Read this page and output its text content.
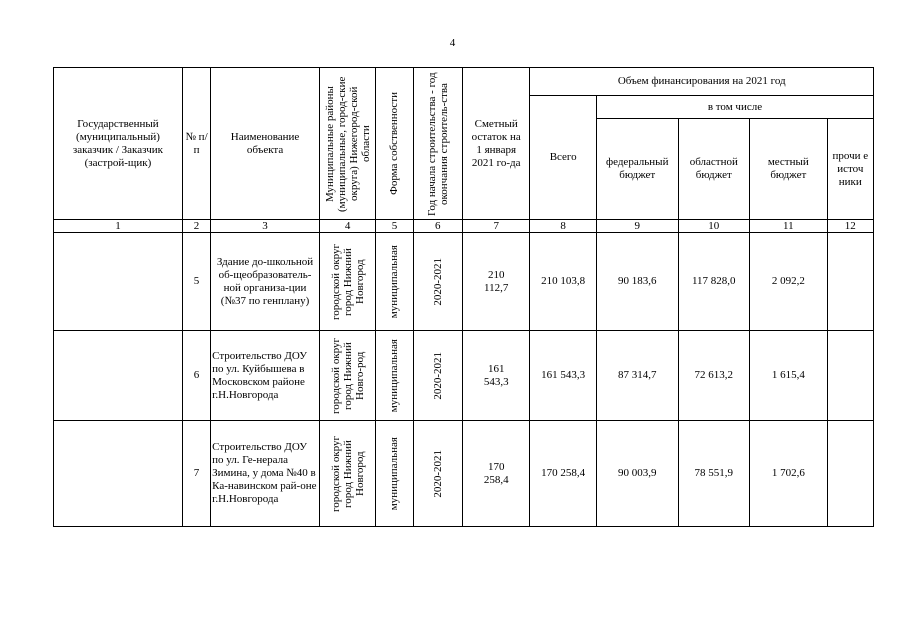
4
Государственный (муниципальный) заказчик / Заказчик (застрой-щик)	№ п/п	Наименование объекта	Муниципальные районы (муниципальные, город-ские округа) Нижегород-ской области	Форма собственности	Год начала строительства - год окончания строитель-ства	Сметный остаток на 1 января 2021 го-да	Объем финансирования на 2021 год				
							Всего	в том числе			
								федеральный бюджет	областной бюджет	местный бюджет	прочи е источ ники
1	2	3	4	5	6	7	8	9	10	11	12
	5	Здание до-школьной об-щеобразователь-ной организа-ции (№37 по генплану)	городской округ город Нижний Новгород	муниципальная	2020-2021	210 112,7	210 103,8	90 183,6	117 828,0	2 092,2	
	6	Строительство ДОУ по ул. Куйбышева в Московском районе г.Н.Новгорода	городской округ город Нижний Новго-род	муниципальная	2020-2021	161 543,3	161 543,3	87 314,7	72 613,2	1 615,4	
	7	Строительство ДОУ по ул. Ге-нерала Зимина, у дома №40 в Ка-навинском рай-оне г.Н.Новгорода	городской округ город Нижний Новгород	муниципальная	2020-2021	170 258,4	170 258,4	90 003,9	78 551,9	1 702,6	
